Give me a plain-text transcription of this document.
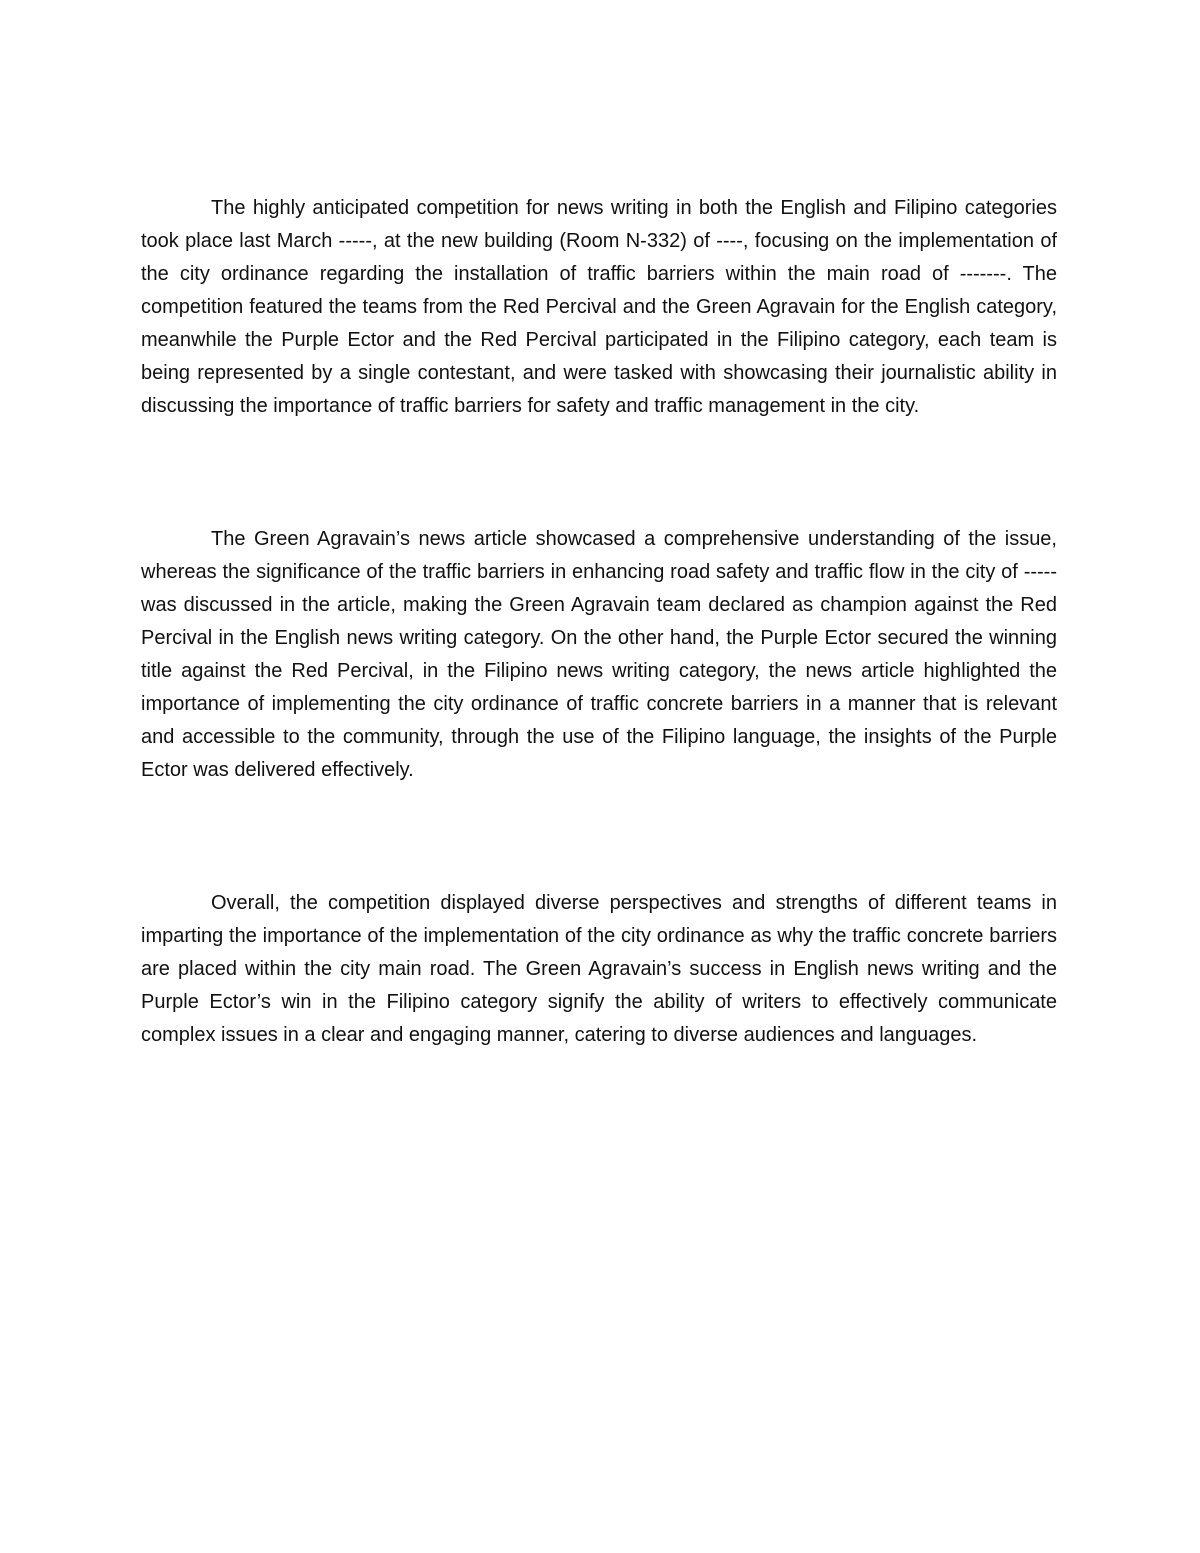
The highly anticipated competition for news writing in both the English and Filipino categories took place last March -----, at the new building (Room N-332) of ----, focusing on the implementation of the city ordinance regarding the installation of traffic barriers within the main road of -------. The competition featured the teams from the Red Percival and the Green Agravain for the English category, meanwhile the Purple Ector and the Red Percival participated in the Filipino category, each team is being represented by a single contestant, and were tasked with showcasing their journalistic ability in discussing the importance of traffic barriers for safety and traffic management in the city.

The Green Agravain’s news article showcased a comprehensive understanding of the issue, whereas the significance of the traffic barriers in enhancing road safety and traffic flow in the city of ----- was discussed in the article, making the Green Agravain team declared as champion against the Red Percival in the English news writing category. On the other hand, the Purple Ector secured the winning title against the Red Percival, in the Filipino news writing category, the news article highlighted the importance of implementing the city ordinance of traffic concrete barriers in a manner that is relevant and accessible to the community, through the use of the Filipino language, the insights of the Purple Ector was delivered effectively.

Overall, the competition displayed diverse perspectives and strengths of different teams in imparting the importance of the implementation of the city ordinance as why the traffic concrete barriers are placed within the city main road. The Green Agravain’s success in English news writing and the Purple Ector’s win in the Filipino category signify the ability of writers to effectively communicate complex issues in a clear and engaging manner, catering to diverse audiences and languages.
